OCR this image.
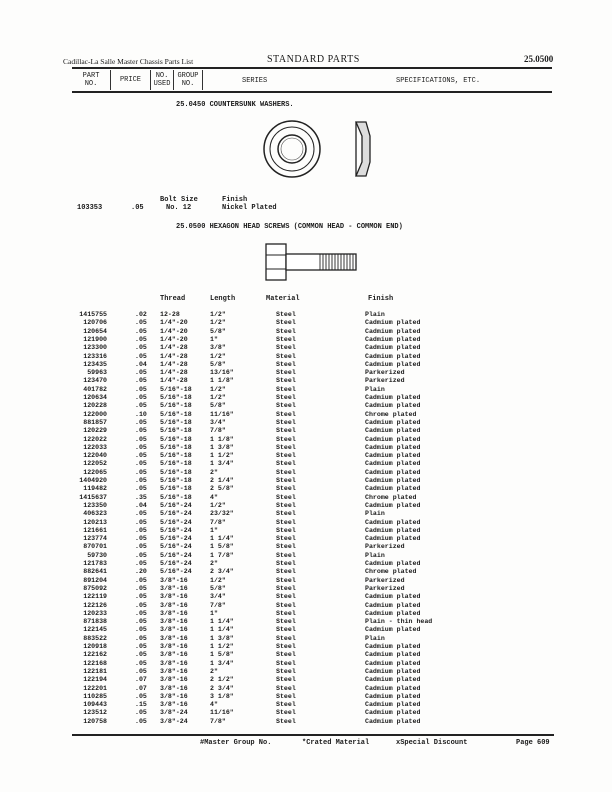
Cadillac-La Salle Master Chassis Parts List	STANDARD PARTS	25.0500
PART
NO.	PRICE	NO.
USED
GROUP
NO.	SERIES	SPECIFICATIONS, ETC.
25.0450 COUNTERSUNK WASHERS.
Bolt Size	Finish
103353	.05	No. 12	Nickel Plated
25.0500 HEXAGON HEAD SCREWS (COMMON HEAD - COMMON END)
Thread	Length	Material	Finish
1415755	.02 12-28	1/2"	Steel	Plain
120706	.05 1/4"-20	1/2"	Steel	Cadmium plated
120654	.05 1/4"-20	5/8"	Steel	Cadmium plated
121900	.05 1/4"-20	1"	Steel	Cadmium plated
123300	.05 1/4"-28	3/8"	Steel	Cadmium plated
123316	.05 1/4"-28	1/2"	Steel	Cadmium plated
123435	.04 1/4"-28	5/8"	Steel	Cadmium plated
59963	.05 1/4"-28	13/16"	Steel	Parkerized
123470	.05 1/4"-28	1 1/8"	Steel	Parkerized
401782	.05 5/16"-18	1/2"	Steel	Plain
120634	.05 5/16"-18	1/2"	Steel	Cadmium plated
120228	.05 5/16"-18	5/8"	Steel	Cadmium plated
122000	.10 5/16"-18	11/16"	Steel	Chrome plated
881857	.05 5/16"-18	3/4"	Steel	Cadmium plated
120229	.05 5/16"-18	7/8"	Steel	Cadmium plated
122022	.05 5/16"-18	1 1/8"	Steel	Cadmium plated
122033	.05 5/16"-18	1 3/8"	Steel	Cadmium plated
122040	.05 5/16"-18	1 1/2"	Steel	Cadmium plated
122052	.05 5/16"-18	1 3/4"	Steel	Cadmium plated
122065	.05 5/16"-18	2"	Steel	Cadmium plated
1404920	.05 5/16"-18	2 1/4"	Steel	Cadmium plated
119482	.05 5/16"-18	2 5/8"	Steel	Cadmium plated
1415637	.35 5/16"-18	4"	Steel	Chrome plated
123350	.04 5/16"-24	1/2"	Steel	Cadmium plated
406323	.05 5/16"-24	23/32"	Steel	Plain
120213	.05 5/16"-24	7/8"	Steel	Cadmium plated
121661	.05 5/16"-24	1"	Steel	Cadmium plated
123774	.05 5/16"-24	1 1/4"	Steel	Cadmium plated
870701	.05 5/16"-24	1 5/8"	Steel	Parkerized
59730	.05 5/16"-24	1 7/8"	Steel	Plain
121783	.05 5/16"-24	2"	Steel	Cadmium plated
882641	.20 5/16"-24	2 3/4"	Steel	Chrome plated
891204	.05 3/8"-16	1/2"	Steel	Parkerized
875092	.05 3/8"-16	5/8"	Steel	Parkerized
122119	.05 3/8"-16	3/4"	Steel	Cadmium plated
122126	.05 3/8"-16	7/8"	Steel	Cadmium plated
120233	.05 3/8"-16	1"	Steel	Cadmium plated
871838	.05 3/8"-16	1 1/4"	Steel	Plain - thin head
122145	.05 3/8"-16	1 1/4"	Steel	Cadmium plated
883522	.05 3/8"-16	1 3/8"	Steel	Plain
120918	.05 3/8"-16	1 1/2"	Steel	Cadmium plated
122162	.05 3/8"-16	1 5/8"	Steel	Cadmium plated
122168	.05 3/8"-16	1 3/4"	Steel	Cadmium plated
122181	.05 3/8"-16	2"	Steel	Cadmium plated
122194	.07 3/8"-16	2 1/2"	Steel	Cadmium plated
122201	.07 3/8"-16	2 3/4"	Steel	Cadmium plated
110285	.05 3/8"-16	3 1/8"	Steel	Cadmium plated
109443	.15 3/8"-16	4"	Steel	Cadmium plated
123512	.05 3/8"-24	11/16"	Steel	Cadmium plated
120758	.05 3/8"-24	7/8"	Steel	Cadmium plated
#Master Group No.	*Crated Material	xSpecial Discount	Page 609
